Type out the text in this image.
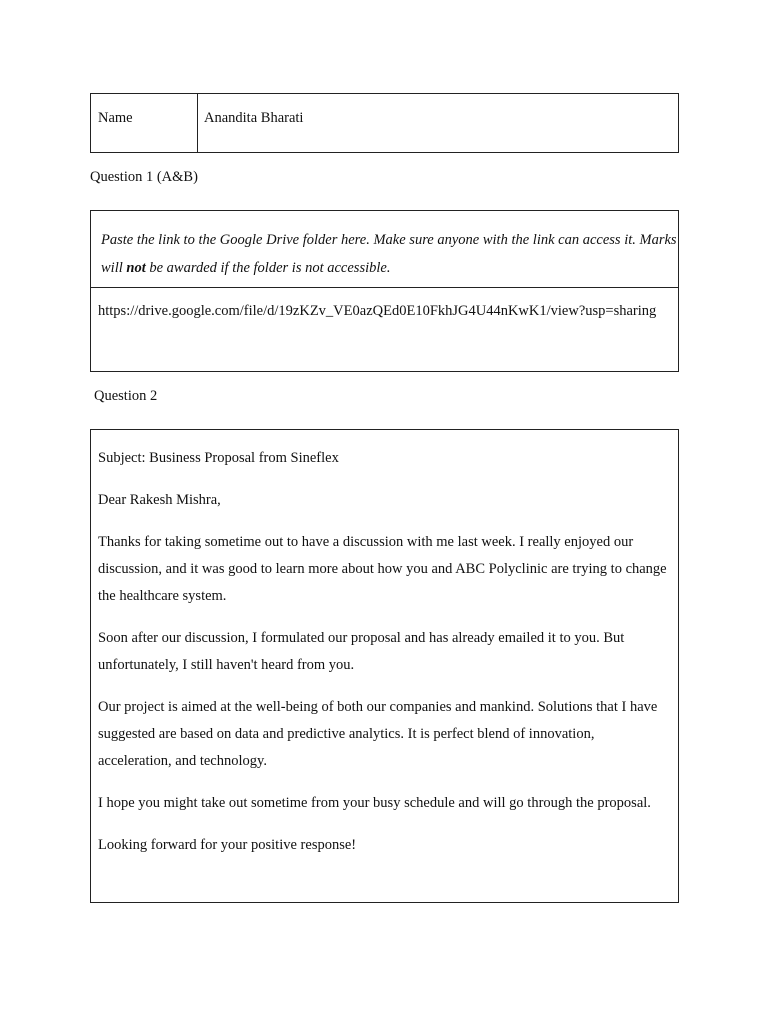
Name	Anandita Bharati
Question 1 (A&B)
Paste the link to the Google Drive folder here. Make sure anyone with the link can access it. Marks will not be awarded if the folder is not accessible.
https://drive.google.com/file/d/19zKZv_VE0azQEd0E10FkhJG4U44nKwK1/view?usp=sharing
Question 2

Subject: Business Proposal from Sineflex

Dear Rakesh Mishra,

Thanks for taking sometime out to have a discussion with me last week. I really enjoyed our discussion, and it was good to learn more about how you and ABC Polyclinic are trying to change the healthcare system.

Soon after our discussion, I formulated our proposal and has already emailed it to you. But unfortunately, I still haven't heard from you.

Our project is aimed at the well-being of both our companies and mankind. Solutions that I have suggested are based on data and predictive analytics. It is perfect blend of innovation, acceleration, and technology.

I hope you might take out sometime from your busy schedule and will go through the proposal.

Looking forward for your positive response!
